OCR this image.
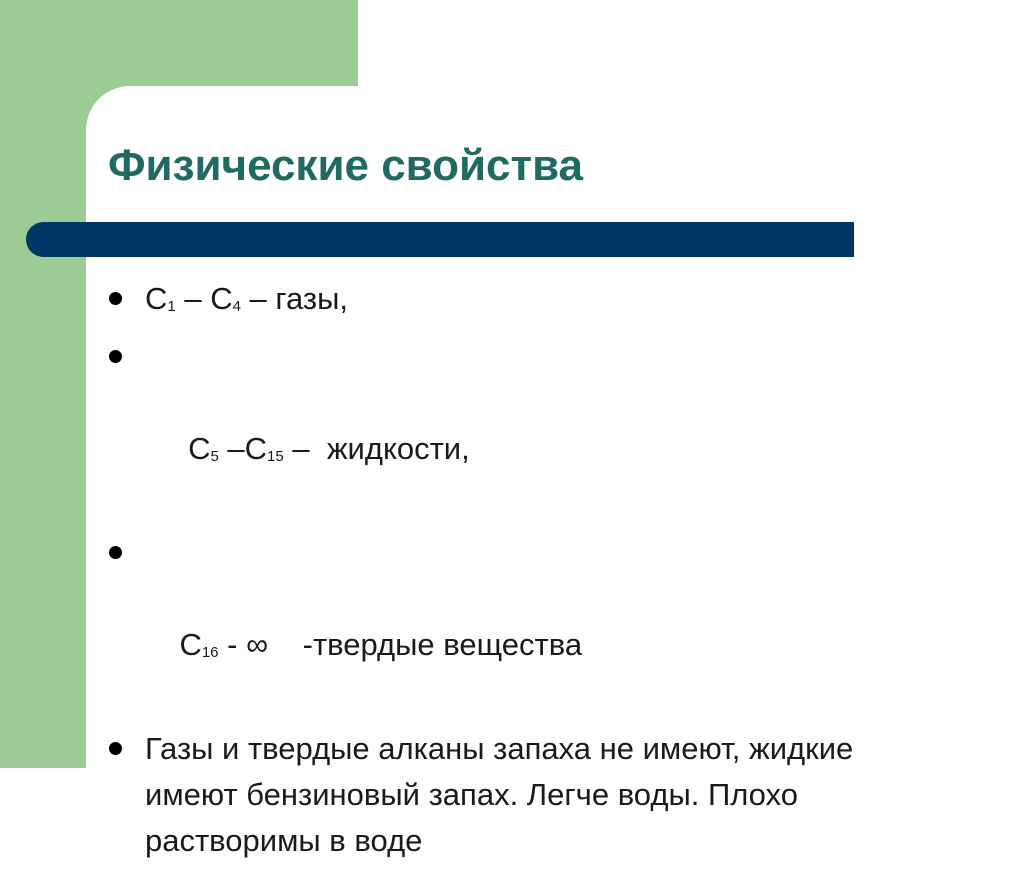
Физические свойства
С1 – С4 – газы,

С5 –С15 –  жидкости,

С16 - ∞    -твердые вещества

Газы и твердые алканы запаха не имеют, жидкие имеют бензиновый запах. Легче воды. Плохо растворимы в воде
